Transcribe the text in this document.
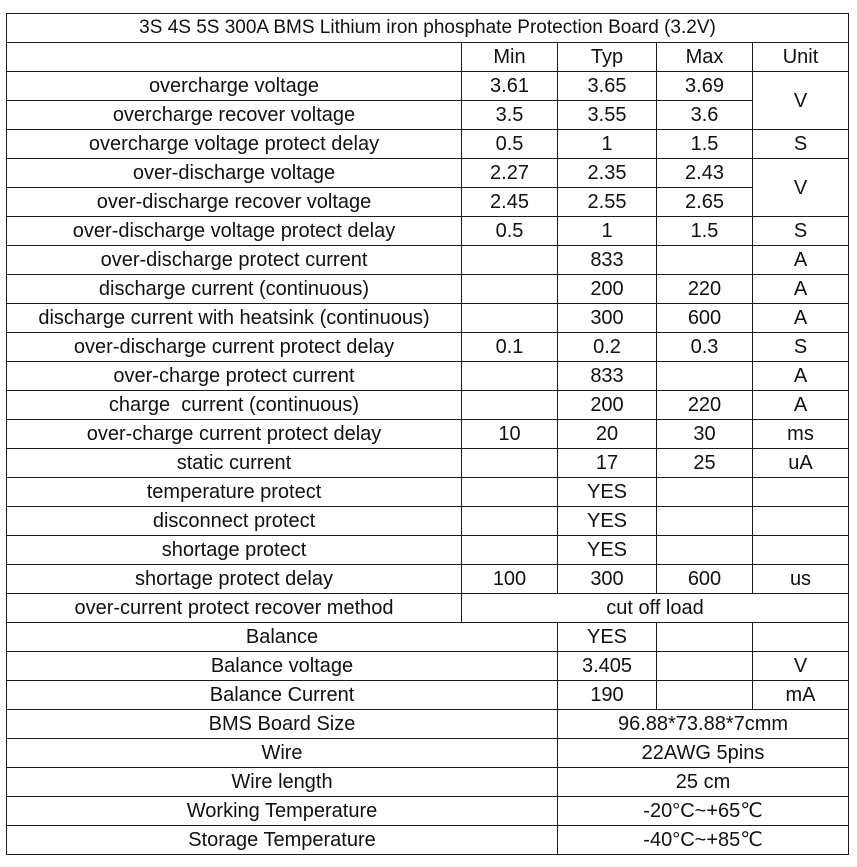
3S 4S 5S 300A BMS Lithium iron phosphate Protection Board (3.2V)				
	Min	Typ	Max	Unit
overcharge voltage	3.61	3.65	3.69	V
overcharge recover voltage	3.5	3.55	3.6	
overcharge voltage protect delay	0.5	1	1.5	S
over-discharge voltage	2.27	2.35	2.43	V
over-discharge recover voltage	2.45	2.55	2.65	
over-discharge voltage protect delay	0.5	1	1.5	S
over-discharge protect current		833		A
discharge current (continuous)		200	220	A
discharge current with heatsink (continuous)		300	600	A
over-discharge current protect delay	0.1	0.2	0.3	S
over-charge protect current		833		A
charge  current (continuous)		200	220	A
over-charge current protect delay	10	20	30	ms
static current		17	25	uA
temperature protect		YES		
disconnect protect		YES		
shortage protect		YES		
shortage protect delay	100	300	600	us
over-current protect recover method	cut off load			
Balance		YES		
Balance voltage		3.405		V
Balance Current		190		mA
BMS Board Size		96.88*73.88*7cmm		
Wire		22AWG 5pins		
Wire length		25 cm		
Working Temperature		-20°C~+65℃		
Storage Temperature		-40°C~+85℃		
